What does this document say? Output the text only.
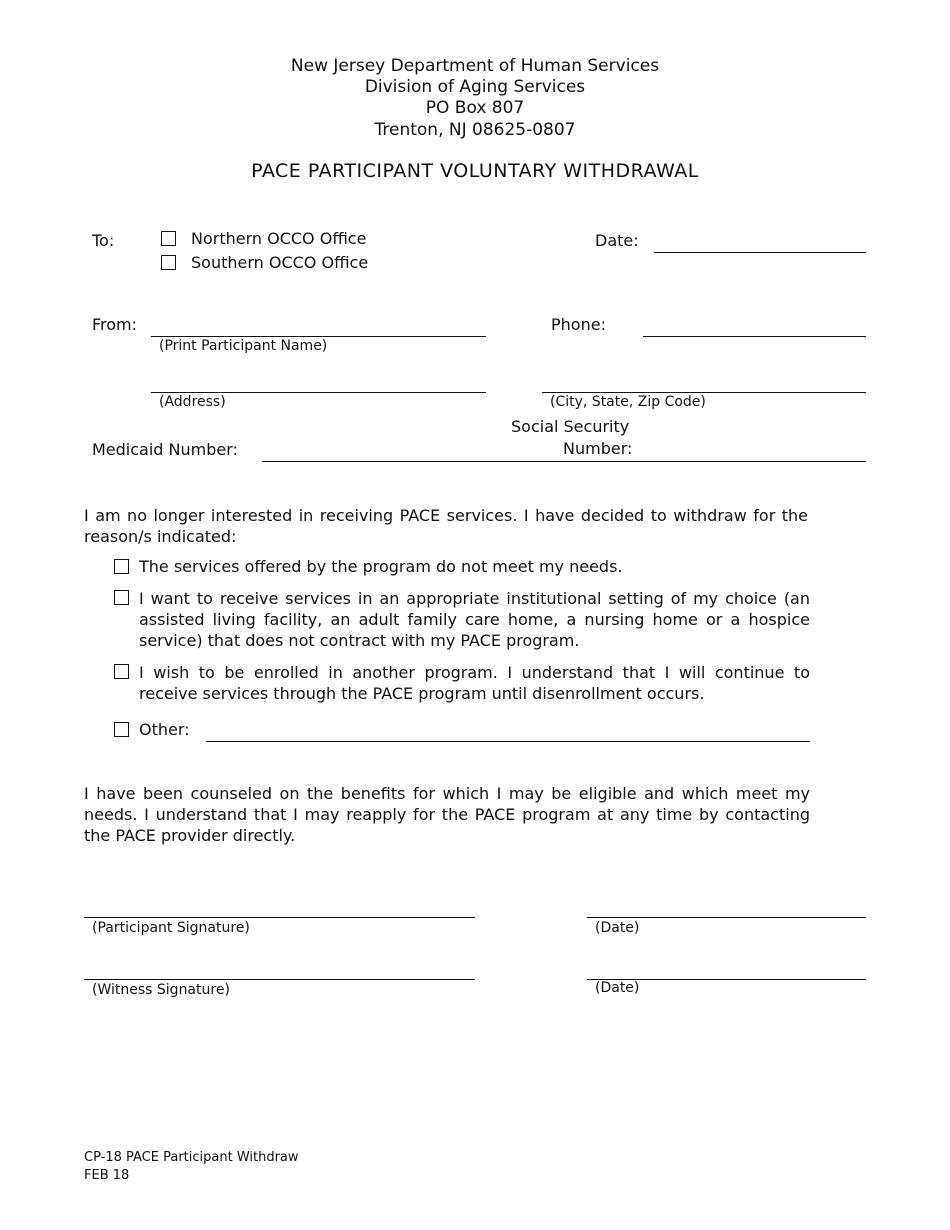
New Jersey Department of Human Services
Division of Aging Services
PO Box 807
Trenton, NJ 08625-0807
PACE PARTICIPANT VOLUNTARY WITHDRAWAL
To:	Northern OCCO Office
Southern OCCO Office
Date:
From:
(Print Participant Name)
Phone:
(Address)	(City, State, Zip Code)
Medicaid Number:
Social Security
Number:
I am no longer interested in receiving PACE services. I have decided to withdraw for the reason/s indicated:
The services offered by the program do not meet my needs.
I want to receive services in an appropriate institutional setting of my choice (an assisted living facility, an adult family care home, a nursing home or a hospice service) that does not contract with my PACE program.
I wish to be enrolled in another program. I understand that I will continue to receive services through the PACE program until disenrollment occurs.
Other:
I have been counseled on the benefits for which I may be eligible and which meet my needs. I understand that I may reapply for the PACE program at any time by contacting the PACE provider directly.
(Participant Signature)	(Date)
(Witness Signature)	(Date)
CP-18 PACE Participant Withdraw
FEB 18
